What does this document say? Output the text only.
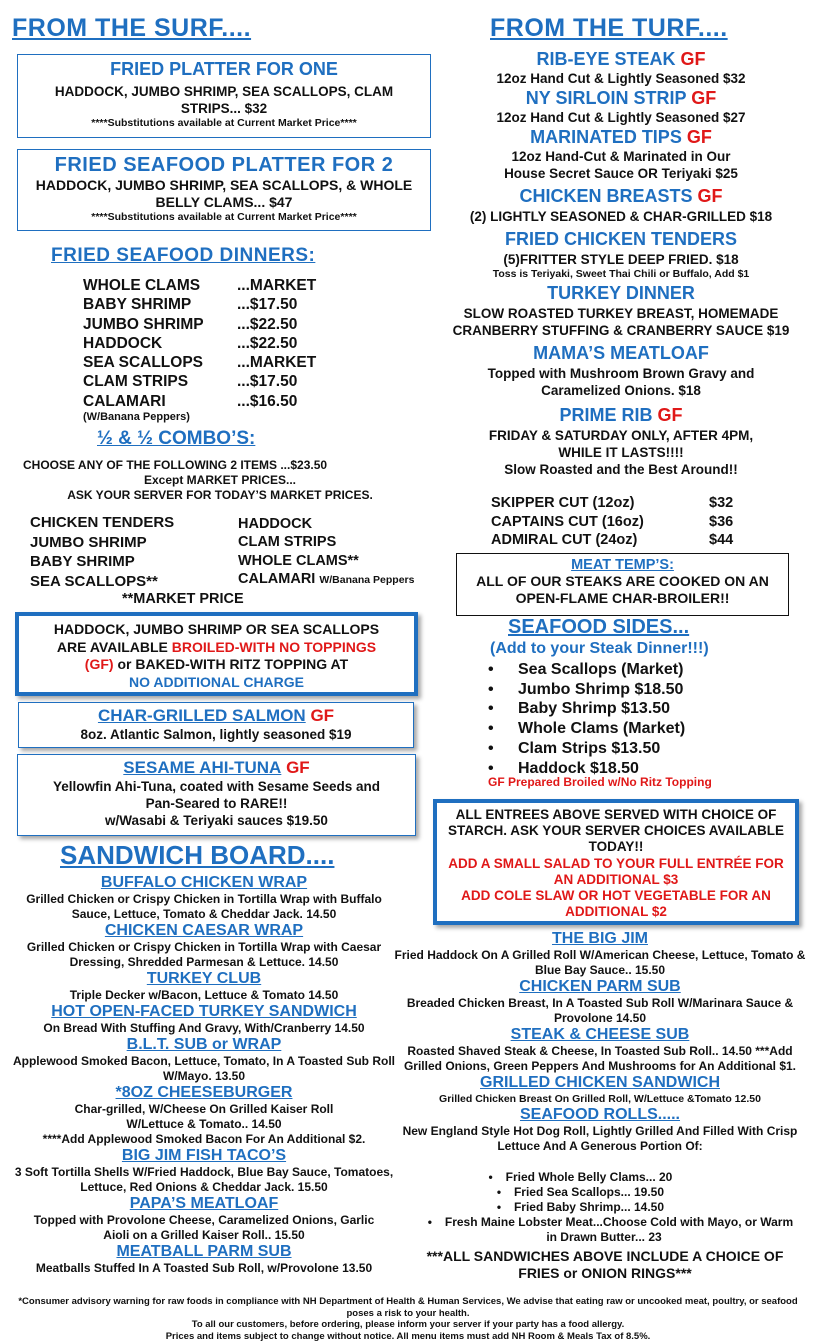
FROM THE SURF....
FRIED PLATTER FOR ONE
HADDOCK, JUMBO SHRIMP, SEA SCALLOPS, CLAM STRIPS... $32
****Substitutions available at Current Market Price****
FRIED SEAFOOD PLATTER FOR 2
HADDOCK, JUMBO SHRIMP, SEA SCALLOPS, & WHOLE BELLY CLAMS... $47
****Substitutions available at Current Market Price****
FRIED SEAFOOD DINNERS:
WHOLE CLAMS	...MARKET
BABY SHRIMP	...$17.50
JUMBO SHRIMP	...$22.50
HADDOCK	...$22.50
SEA SCALLOPS	...MARKET
CLAM STRIPS	...$17.50
CALAMARI	...$16.50
(W/Banana Peppers)
½ & ½ COMBO’S:
CHOOSE ANY OF THE FOLLOWING 2 ITEMS ...$23.50
Except MARKET PRICES...
ASK YOUR SERVER FOR TODAY’S MARKET PRICES.
CHICKEN TENDERS
JUMBO SHRIMP
BABY SHRIMP
SEA SCALLOPS**
HADDOCK
CLAM STRIPS
WHOLE CLAMS**
CALAMARI W/Banana Peppers
**MARKET PRICE
HADDOCK, JUMBO SHRIMP OR SEA SCALLOPS
ARE AVAILABLE BROILED-WITH NO TOPPINGS
(GF) or BAKED-WITH RITZ TOPPING AT
NO ADDITIONAL CHARGE
CHAR-GRILLED SALMON GF
8oz. Atlantic Salmon, lightly seasoned $19
SESAME AHI-TUNA GF
Yellowfin Ahi-Tuna, coated with Sesame Seeds and Pan-Seared to RARE!!
w/Wasabi & Teriyaki sauces $19.50
FROM THE TURF....
RIB-EYE STEAK GF
12oz Hand Cut & Lightly Seasoned $32
NY SIRLOIN STRIP GF
12oz Hand Cut & Lightly Seasoned $27
MARINATED TIPS GF
12oz Hand-Cut & Marinated in Our House Secret Sauce OR Teriyaki $25
CHICKEN BREASTS GF
(2) LIGHTLY SEASONED & CHAR-GRILLED $18
FRIED CHICKEN TENDERS
(5)FRITTER STYLE DEEP FRIED. $18
Toss is Teriyaki, Sweet Thai Chili or Buffalo, Add $1
TURKEY DINNER
SLOW ROASTED TURKEY BREAST, HOMEMADE CRANBERRY STUFFING & CRANBERRY SAUCE $19
MAMA’S MEATLOAF
Topped with Mushroom Brown Gravy and Caramelized Onions. $18
PRIME RIB GF
FRIDAY & SATURDAY ONLY, AFTER 4PM,
WHILE IT LASTS!!!!
Slow Roasted and the Best Around!!
SKIPPER CUT (12oz)	$32
CAPTAINS CUT (16oz)	$36
ADMIRAL CUT (24oz)	$44
MEAT TEMP’S:
ALL OF OUR STEAKS ARE COOKED ON AN OPEN-FLAME CHAR-BROILER!!
SEAFOOD SIDES...
(Add to your Steak Dinner!!!)
• Sea Scallops (Market)
• Jumbo Shrimp $18.50
• Baby Shrimp $13.50
• Whole Clams (Market)
• Clam Strips $13.50
• Haddock $18.50
GF Prepared Broiled w/No Ritz Topping
ALL ENTREES ABOVE SERVED WITH CHOICE OF STARCH. ASK YOUR SERVER CHOICES AVAILABLE TODAY!!
ADD A SMALL SALAD TO YOUR FULL ENTRÉE FOR AN ADDITIONAL $3
ADD COLE SLAW OR HOT VEGETABLE FOR AN ADDITIONAL $2
SANDWICH BOARD....
BUFFALO CHICKEN WRAP
Grilled Chicken or Crispy Chicken in Tortilla Wrap with Buffalo Sauce, Lettuce, Tomato & Cheddar Jack. 14.50
CHICKEN CAESAR WRAP
Grilled Chicken or Crispy Chicken in Tortilla Wrap with Caesar Dressing, Shredded Parmesan & Lettuce. 14.50
TURKEY CLUB
Triple Decker w/Bacon, Lettuce & Tomato 14.50
HOT OPEN-FACED TURKEY SANDWICH
On Bread With Stuffing And Gravy, With/Cranberry 14.50
B.L.T. SUB or WRAP
Applewood Smoked Bacon, Lettuce, Tomato, In A Toasted Sub Roll W/Mayo. 13.50
*8OZ CHEESEBURGER
Char-grilled, W/Cheese On Grilled Kaiser Roll W/Lettuce & Tomato.. 14.50
****Add Applewood Smoked Bacon For An Additional $2.
BIG JIM FISH TACO’S
3 Soft Tortilla Shells W/Fried Haddock, Blue Bay Sauce, Tomatoes, Lettuce, Red Onions & Cheddar Jack. 15.50
PAPA’S MEATLOAF
Topped with Provolone Cheese, Caramelized Onions, Garlic Aioli on a Grilled Kaiser Roll.. 15.50
MEATBALL PARM SUB
Meatballs Stuffed In A Toasted Sub Roll, w/Provolone 13.50
THE BIG JIM
Fried Haddock On A Grilled Roll W/American Cheese, Lettuce, Tomato & Blue Bay Sauce.. 15.50
CHICKEN PARM SUB
Breaded Chicken Breast, In A Toasted Sub Roll W/Marinara Sauce & Provolone 14.50
STEAK & CHEESE SUB
Roasted Shaved Steak & Cheese, In Toasted Sub Roll.. 14.50 ***Add Grilled Onions, Green Peppers And Mushrooms for An Additional $1.
GRILLED CHICKEN SANDWICH
Grilled Chicken Breast On Grilled Roll, W/Lettuce &Tomato 12.50
SEAFOOD ROLLS.....
New England Style Hot Dog Roll, Lightly Grilled And Filled With Crisp Lettuce And A Generous Portion Of:
• Fried Whole Belly Clams... 20
• Fried Sea Scallops... 19.50
• Fried Baby Shrimp... 14.50
• Fresh Maine Lobster Meat...Choose Cold with Mayo, or Warm in Drawn Butter... 23
***ALL SANDWICHES ABOVE INCLUDE A CHOICE OF FRIES or ONION RINGS***
*Consumer advisory warning for raw foods in compliance with NH Department of Health & Human Services, We advise that eating raw or uncooked meat, poultry, or seafood poses a risk to your health.
To all our customers, before ordering, please inform your server if your party has a food allergy.
Prices and items subject to change without notice. All menu items must add NH Room & Meals Tax of 8.5%.
